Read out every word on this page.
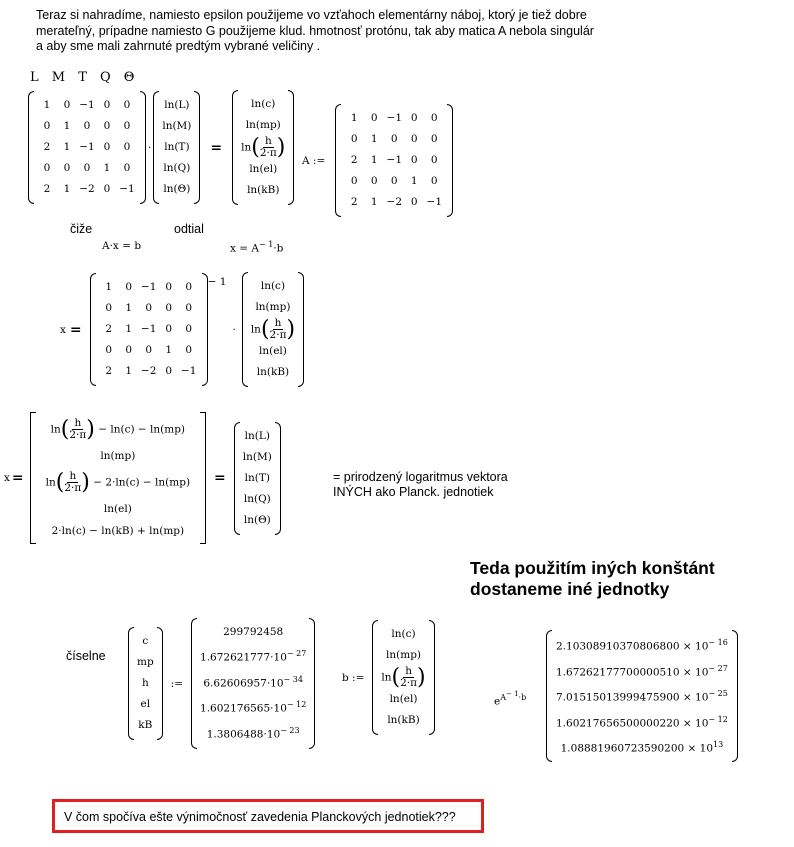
Teraz si nahradíme, namiesto epsilon použijeme vo vzťahoch elementárny náboj, ktorý je tiež dobre merateľný, prípadne namiesto G použijeme klud. hmotnosť protónu, tak aby matica A nebola singulár a aby sme mali zahrnuté predtým vybrané veličiny .
L M T Q Θ
1 0 −1 0 0
0 1 0 0 0
2 1 −1 0 0
0 0 0 1 0
2 1 −2 0 −1
·
ln(L)
ln(M)
ln(T)
ln(Q)
ln(Θ)
=
ln(c)
ln(mp)
$\ln( \frac{h}{2\cdot\pi}$ )
ln(el)
ln(kB)
A :=
1 0 −1 0 0
0 1 0 0 0
2 1 −1 0 0
0 0 0 1 0
2 1 −2 0 −1
čiže
A·x = b
odtial
$x = A^{- 1}\cdot b$
x =
1 0 −1 0 0
0 1 0 0 0
2 1 −1 0 0
0 0 0 1 0
2 1 −2 0 −1
$^{- 1}$
·
ln(c)
ln(mp)
$\ln( \frac{h}{2\cdot\pi}$ )
ln(el)
ln(kB)
x =
$\ln( \frac{h}{2\cdot\pi}$ ) − ln(c) − ln(mp)
ln(mp)
$\ln( \frac{h}{2\cdot\pi}$ ) − 2·ln(c) − ln(mp)
ln(el)
2·ln(c) − ln(kB) + ln(mp)
=
ln(L)
ln(M)
ln(T)
ln(Q)
ln(Θ)
= prirodzený logaritmus vektora INÝCH ako Planck. jednotiek
Teda použitím iných konštánt dostaneme iné jednotky
číselne
c
mp
h
el
kB
:=
299792458
$1.672621777\cdot 10^{- 27}$
$6.62606957\cdot 10^{- 34}$
$1.602176565\cdot 10^{- 12}$
$1.3806488\cdot 10^{- 23}$
b :=
ln(c)
ln(mp)
$\ln( \frac{h}{2\cdot\pi}$ )
ln(el)
ln(kB)
$e^{A- 1\cdot b}$
$2.10308910370806800 \times 10^{- 16}$
$1.67262177700000510 \times 10^{- 27}$
$7.01515013999475900 \times 10^{- 25}$
$1.60217656500000220 \times 10^{- 12}$
$1.08881960723590200 \times 10^{13}$
V čom spočíva ešte výnimočnosť zavedenia Planckových jednotiek???
